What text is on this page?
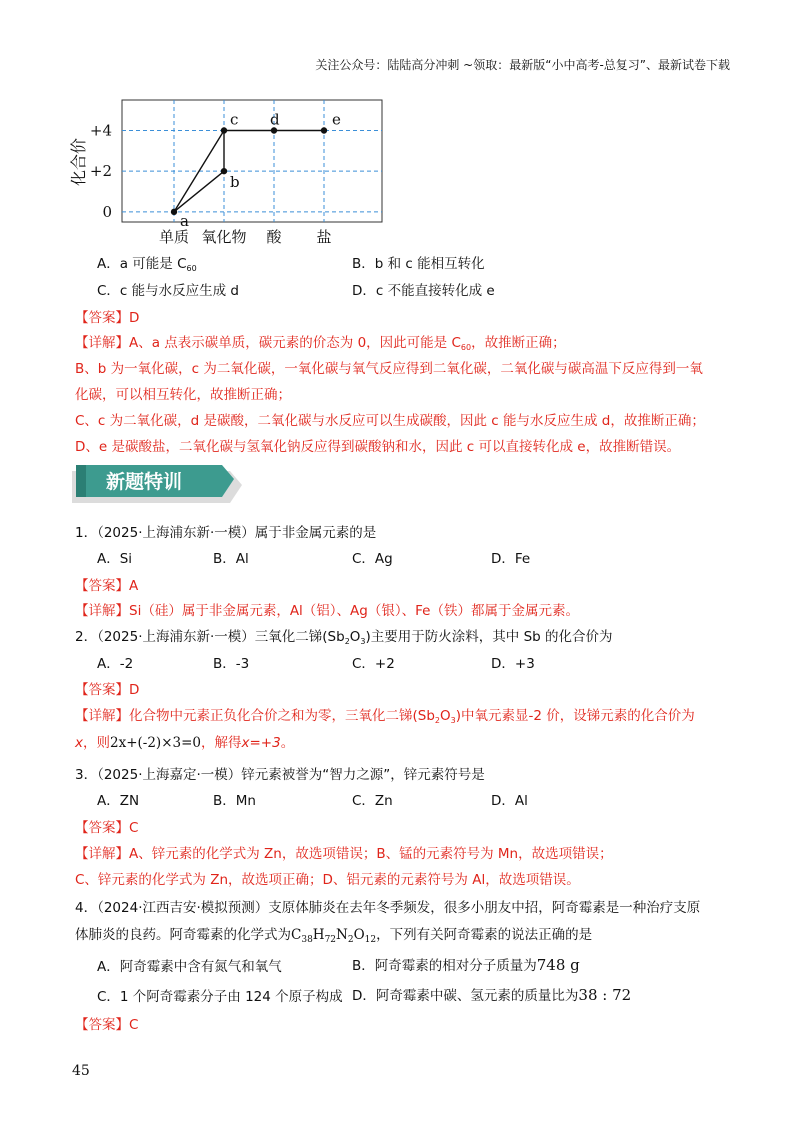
关注公众号：陆陆高分冲刺 ~领取：最新版“小中高考-总复习”、最新试卷下载
0
+2
+4
a
b
c d	e
化合价
单质 氧化物	酸	盐
A．a 可能是 $C_{60}$	B．b 和 c 能相互转化
C．c 能与水反应生成 d	D．c 不能直接转化成 e
【答案】D
【详解】A、a 点表示碳单质，碳元素的价态为 0，因此可能是 $C_{60}$，故推断正确；
B、b 为一氧化碳，c 为二氧化碳，一氧化碳与氧气反应得到二氧化碳，二氧化碳与碳高温下反应得到一氧
化碳，可以相互转化，故推断正确；
C、c 为二氧化碳，d 是碳酸，二氧化碳与水反应可以生成碳酸，因此 c 能与水反应生成 d，故推断正确；
D、e 是碳酸盐，二氧化碳与氢氧化钠反应得到碳酸钠和水，因此 c 可以直接转化成 e，故推断错误。
新题特训
1．（2025·上海浦东新·一模）属于非金属元素的是
A．Si	B．Al	C．Ag	D．Fe
【答案】A
【详解】Si（硅）属于非金属元素，Al（铝）、Ag（银）、Fe（铁）都属于金属元素。
2．（2025·上海浦东新·一模）三氧化二锑$(Sb_2O_3)$主要用于防火涂料，其中 Sb 的化合价为
A．-2	B．-3	C．+2	D．+3
【答案】D
【详解】化合物中元素正负化合价之和为零，三氧化二锑$(Sb_2O_3)$中氧元素显-2 价，设锑元素的化合价为
x，则2x+(-2)×3=0，解得x=+3。
3．（2025·上海嘉定·一模）锌元素被誉为“智力之源”，锌元素符号是
A．ZN	B．Mn	C．Zn	D．Al
【答案】C
【详解】A、锌元素的化学式为 Zn，故选项错误；B、锰的元素符号为 Mn，故选项错误；
C、锌元素的化学式为 Zn，故选项正确；D、铝元素的元素符号为 Al，故选项错误。
4．（2024·江西吉安·模拟预测）支原体肺炎在去年冬季频发，很多小朋友中招，阿奇霉素是一种治疗支原
体肺炎的良药。阿奇霉素的化学式为$C_{38}H_{72}N_2O_{12}$，下列有关阿奇霉素的说法正确的是
A．阿奇霉素中含有氮气和氧气	B．阿奇霉素的相对分子质量为748 g
C．1 个阿奇霉素分子由 124 个原子构成 D．阿奇霉素中碳、氢元素的质量比为38 : 72
【答案】C
45
